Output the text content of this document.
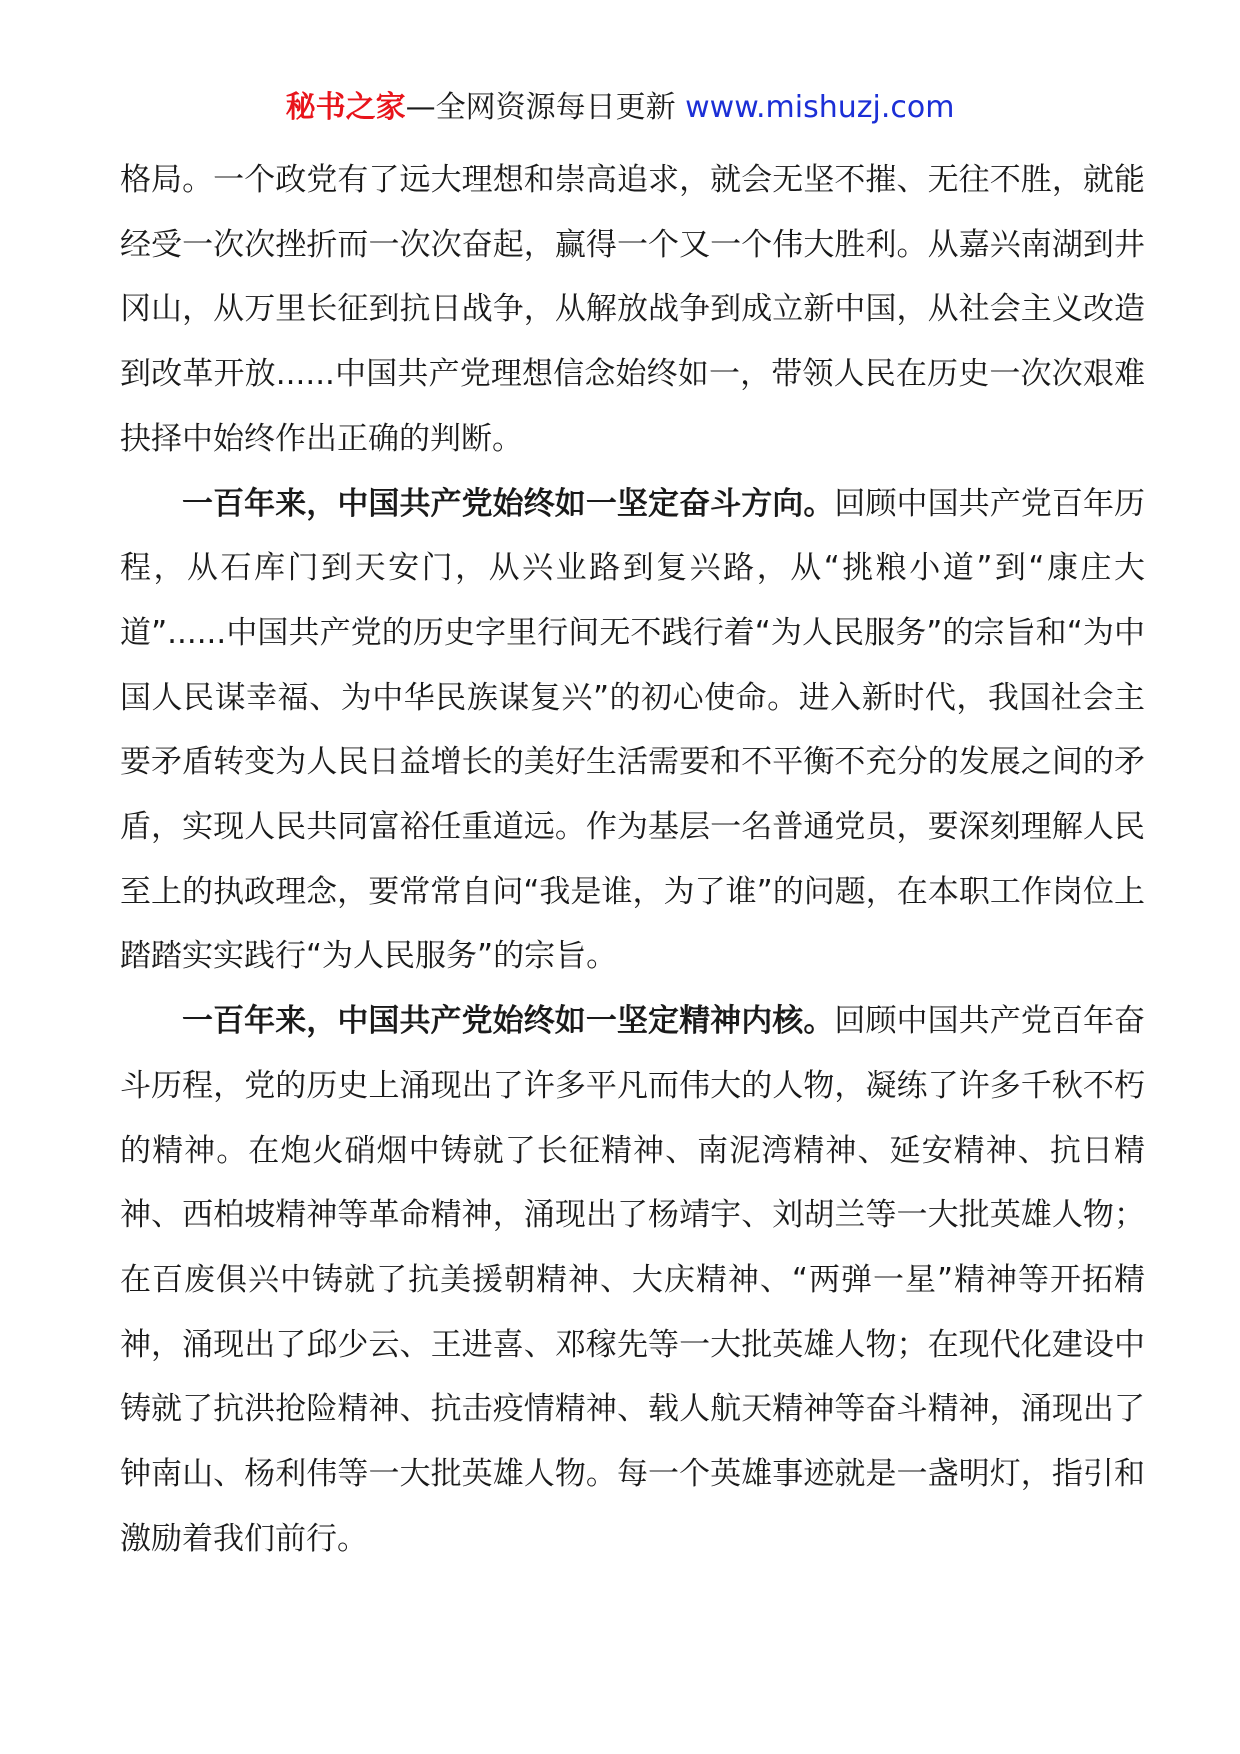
秘书之家—全网资源每日更新 www.mishuzj.com

格局。一个政党有了远大理想和崇高追求，就会无坚不摧、无往不胜，就能经受一次次挫折而一次次奋起，赢得一个又一个伟大胜利。从嘉兴南湖到井冈山，从万里长征到抗日战争，从解放战争到成立新中国，从社会主义改造到改革开放......中国共产党理想信念始终如一，带领人民在历史一次次艰难抉择中始终作出正确的判断。

一百年来，中国共产党始终如一坚定奋斗方向。回顾中国共产党百年历程，从石库门到天安门，从兴业路到复兴路，从“挑粮小道”到“康庄大道”......中国共产党的历史字里行间无不践行着“为人民服务”的宗旨和“为中国人民谋幸福、为中华民族谋复兴”的初心使命。进入新时代，我国社会主要矛盾转变为人民日益增长的美好生活需要和不平衡不充分的发展之间的矛盾，实现人民共同富裕任重道远。作为基层一名普通党员，要深刻理解人民至上的执政理念，要常常自问“我是谁，为了谁”的问题，在本职工作岗位上踏踏实实践行“为人民服务”的宗旨。

一百年来，中国共产党始终如一坚定精神内核。回顾中国共产党百年奋斗历程，党的历史上涌现出了许多平凡而伟大的人物，凝练了许多千秋不朽的精神。在炮火硝烟中铸就了长征精神、南泥湾精神、延安精神、抗日精神、西柏坡精神等革命精神，涌现出了杨靖宇、刘胡兰等一大批英雄人物；在百废俱兴中铸就了抗美援朝精神、大庆精神、“两弹一星”精神等开拓精神，涌现出了邱少云、王进喜、邓稼先等一大批英雄人物；在现代化建设中铸就了抗洪抢险精神、抗击疫情精神、载人航天精神等奋斗精神，涌现出了钟南山、杨利伟等一大批英雄人物。每一个英雄事迹就是一盏明灯，指引和激励着我们前行。
